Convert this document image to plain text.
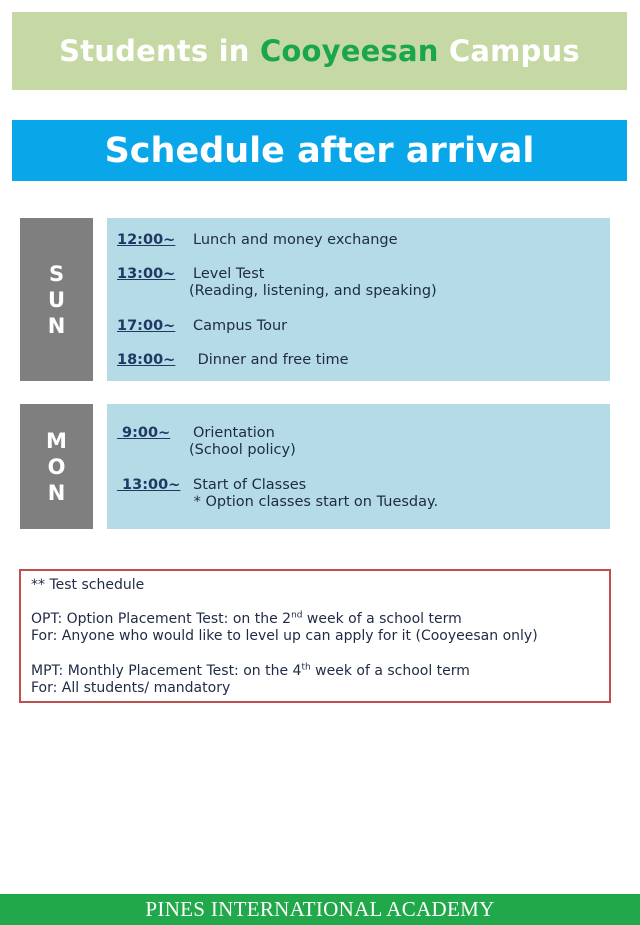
Students in Cooyeesan Campus
Schedule after arrival
S
U
N
12:00~ Lunch and money exchange
13:00~ Level Test
(Reading, listening, and speaking)
17:00~ Campus Tour
18:00~ Dinner and free time
M
O
N
9:00~ Orientation
(School policy)
13:00~ Start of Classes
* Option classes start on Tuesday.
** Test schedule
OPT: Option Placement Test: on the 2nd week of a school term
For: Anyone who would like to level up can apply for it (Cooyeesan only)
MPT: Monthly Placement Test: on the 4th week of a school term
For: All students/ mandatory
PINES INTERNATIONAL ACADEMY
